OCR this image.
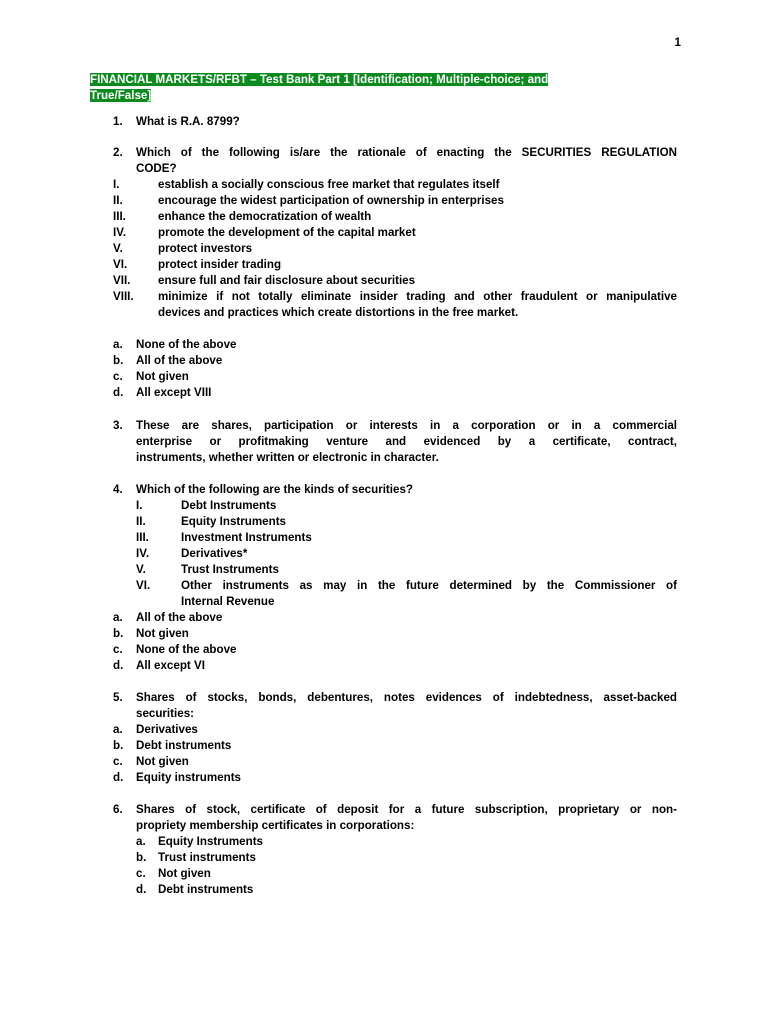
1
FINANCIAL MARKETS/RFBT – Test Bank Part 1 [Identification; Multiple-choice; and
True/False]
1. What is R.A. 8799?
2. Which of the following is/are the rationale of enacting the SECURITIES REGULATION
CODE?
I.	establish a socially conscious free market that regulates itself
II.	encourage the widest participation of ownership in enterprises
III.	enhance the democratization of wealth
IV.	promote the development of the capital market
V.	protect investors
VI.	protect insider trading
VII. ensure full and fair disclosure about securities
VIII. minimize if not totally eliminate insider trading and other fraudulent or manipulative
devices and practices which create distortions in the free market.
a. None of the above
b. All of the above
c. Not given
d. All except VIII
3. These are shares, participation or interests in a corporation or in a commercial
enterprise or profitmaking venture and evidenced by a certificate, contract,
instruments, whether written or electronic in character.
4. Which of the following are the kinds of securities?
I.	Debt Instruments
II.	Equity Instruments
III.	Investment Instruments
IV.	Derivatives*
V.	Trust Instruments
VI.	Other instruments as may in the future determined by the Commissioner of
Internal Revenue
a. All of the above
b. Not given
c. None of the above
d. All except VI
5. Shares of stocks, bonds, debentures, notes evidences of indebtedness, asset-backed
securities:
a. Derivatives
b. Debt instruments
c. Not given
d. Equity instruments
6. Shares of stock, certificate of deposit for a future subscription, proprietary or non-
propriety membership certificates in corporations:
a. Equity Instruments
b. Trust instruments
c. Not given
d. Debt instruments
